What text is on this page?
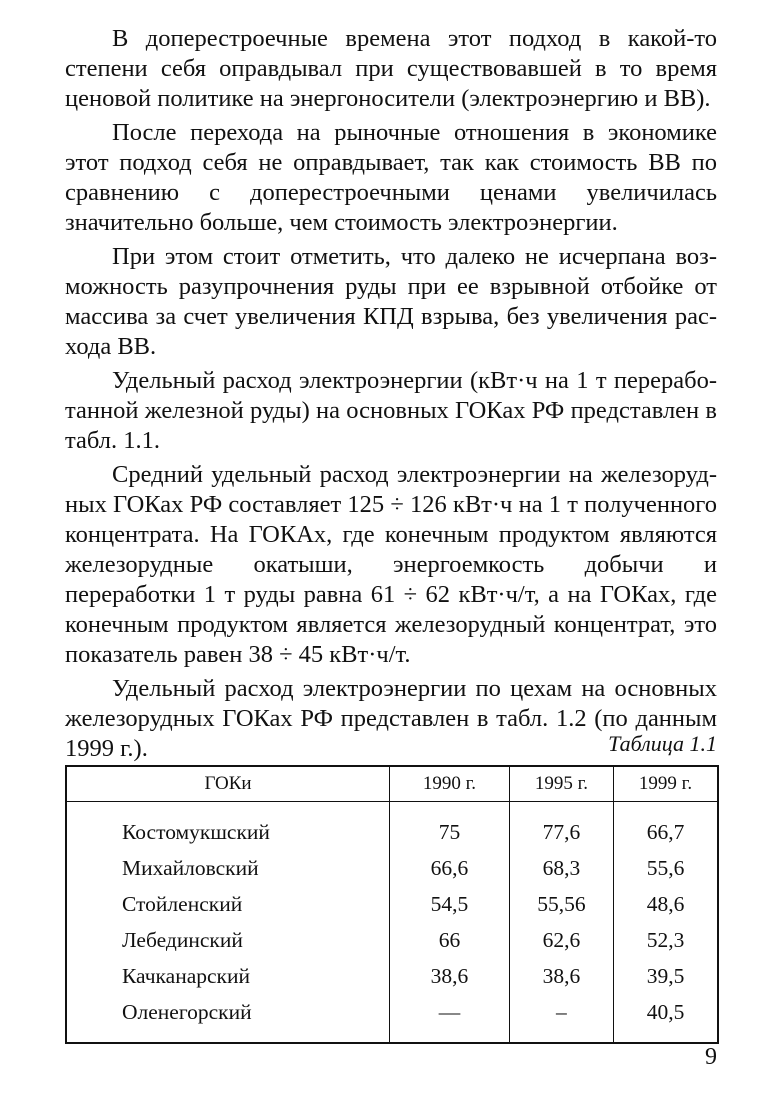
В доперестроечные времена этот подход в какой-то степени себя оправдывал при существовавшей в то время ценовой политике на энергоносители (электроэнергию и ВВ).

После перехода на рыночные отношения в экономике этот подход себя не оправдывает, так как стоимость ВВ по сравнению с доперестроечными ценами увеличилась значительно больше, чем стоимость электроэнергии.

При этом стоит отметить, что далеко не исчерпана возможность разупрочнения руды при ее взрывной отбойке от массива за счет увеличения КПД взрыва, без увеличения расхода ВВ.

Удельный расход электроэнергии (кВт·ч на 1 т переработанной железной руды) на основных ГОКах РФ представлен в табл. 1.1.

Средний удельный расход электроэнергии на железорудных ГОКах РФ составляет 125 ÷ 126 кВт·ч на 1 т полученного концентрата. На ГОКАх, где конечным продуктом являются железорудные окатыши, энергоемкость добычи и переработки 1 т руды равна 61 ÷ 62 кВт·ч/т, а на ГОКах, где конечным продуктом является железорудный концентрат, это показатель равен 38 ÷ 45 кВт·ч/т.

Удельный расход электроэнергии по цехам на основных железорудных ГОКах РФ представлен в табл. 1.2 (по данным 1999 г.).	Таблица 1.1
ГОКи	1990 г.	1995 г.	1999 г.
Костомукшский	75	77,6	66,7
Михайловский	66,6	68,3	55,6
Стойленский	54,5	55,56	48,6
Лебединский	66	62,6	52,3
Качканарский	38,6	38,6	39,5
Оленегорский	—	–	40,5
9
